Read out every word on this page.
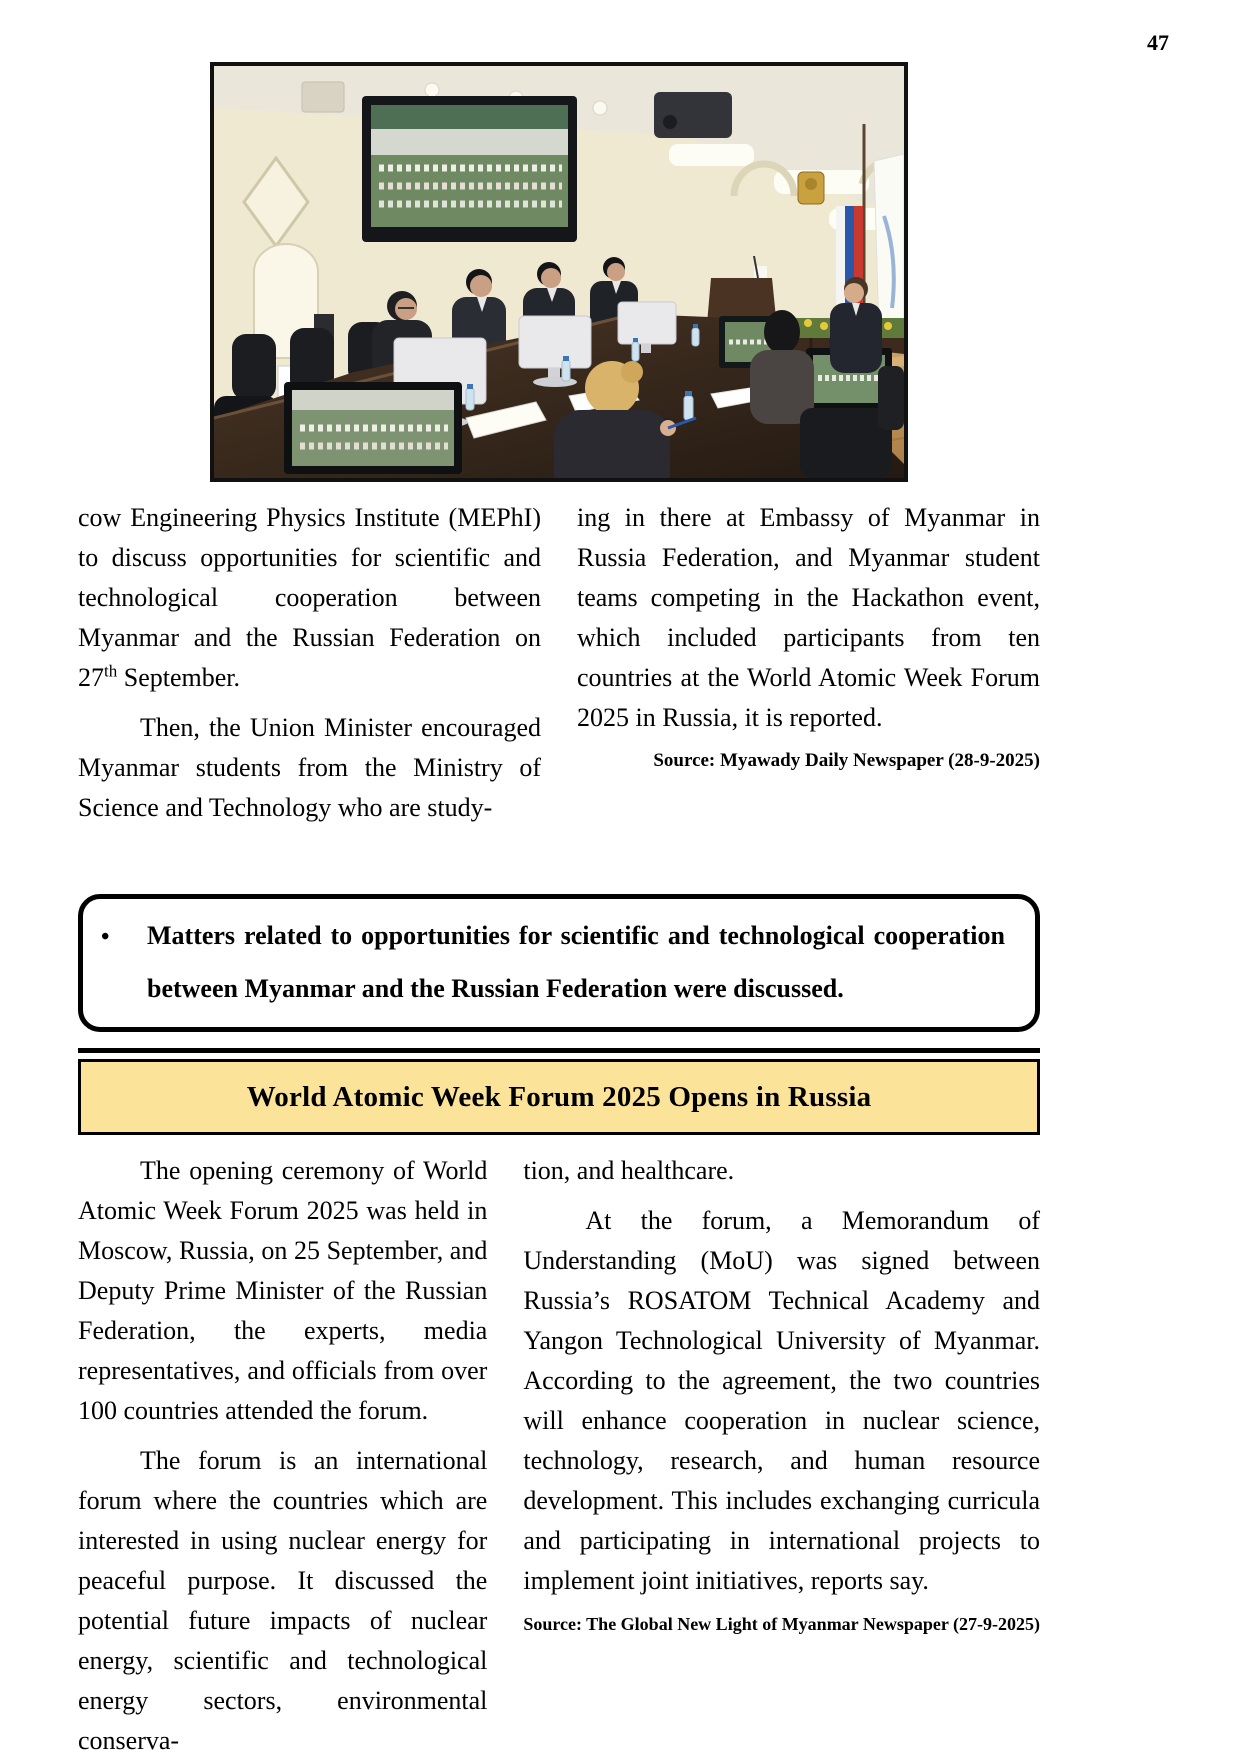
47

cow Engineering Physics Institute (MEPhI) to discuss opportunities for scientific and technological cooperation between Myanmar and the Russian Federation on 27th September.

Then, the Union Minister encouraged Myanmar students from the Ministry of Science and Technology who are study-

ing in there at Embassy of Myanmar in Russia Federation, and Myanmar student teams competing in the Hackathon event, which included participants from ten countries at the World Atomic Week Forum 2025 in Russia, it is reported.

Source: Myawady Daily Newspaper (28-9-2025)

•	Matters related to opportunities for scientific and technological cooperation between Myanmar and the Russian Federation were discussed.
World Atomic Week Forum 2025 Opens in Russia

The opening ceremony of World Atomic Week Forum 2025 was held in Moscow, Russia, on 25 September, and Deputy Prime Minister of the Russian Federation, the experts, media representatives, and officials from over 100 countries attended the forum.

The forum is an international forum where the countries which are interested in using nuclear energy for peaceful purpose. It discussed the potential future impacts of nuclear energy, scientific and technological energy sectors, environmental conserva-

tion, and healthcare.

At the forum, a Memorandum of Understanding (MoU) was signed between Russia’s ROSATOM Technical Academy and Yangon Technological University of Myanmar. According to the agreement, the two countries will enhance cooperation in nuclear science, technology, research, and human resource development. This includes exchanging curricula and participating in international projects to implement joint initiatives, reports say.

Source: The Global New Light of Myanmar Newspaper (27-9-2025)
